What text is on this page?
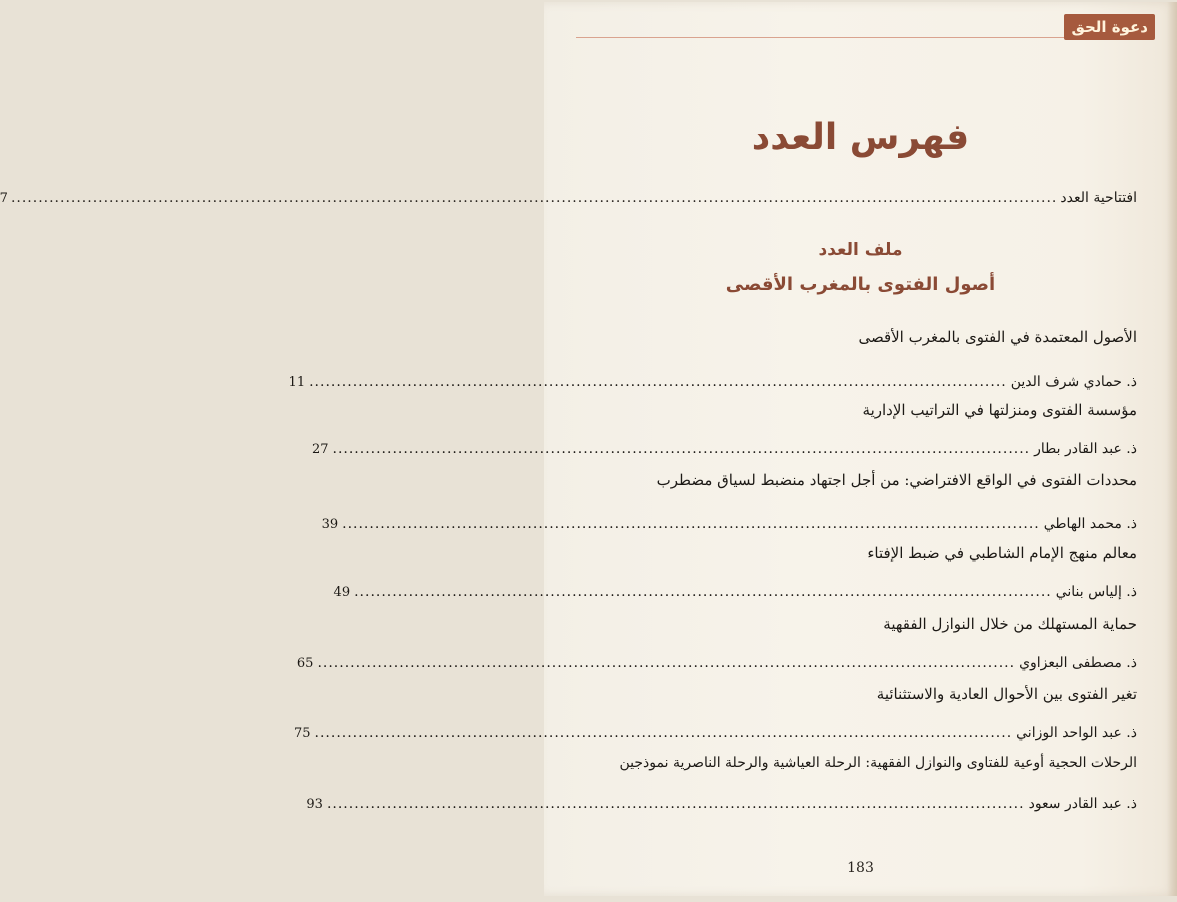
دعوة الحق
فهرس العدد
افتتاحية العدد
................................................................................................................................................................................................
7
ملف العدد
أصول الفتوى بالمغرب الأقصى
الأصول المعتمدة في الفتوى بالمغرب الأقصى
ذ. حمادي شرف الدين
................................................................................................................................
11
مؤسسة الفتوى ومنزلتها في التراتيب الإدارية
ذ. عبد القادر بطار
................................................................................................................................
27
محددات الفتوى في الواقع الافتراضي: من أجل اجتهاد منضبط لسياق مضطرب
ذ. محمد الهاطي
................................................................................................................................
39
معالم منهج الإمام الشاطبي في ضبط الإفتاء
ذ. إلياس بناني
................................................................................................................................
49
حماية المستهلك من خلال النوازل الفقهية
ذ. مصطفى البعزاوي
................................................................................................................................
65
تغير الفتوى بين الأحوال العادية والاستثنائية
ذ. عبد الواحد الوزاني
................................................................................................................................
75
الرحلات الحجية أوعية للفتاوى والنوازل الفقهية: الرحلة العياشية والرحلة الناصرية نموذجين
ذ. عبد القادر سعود
................................................................................................................................
93
183
